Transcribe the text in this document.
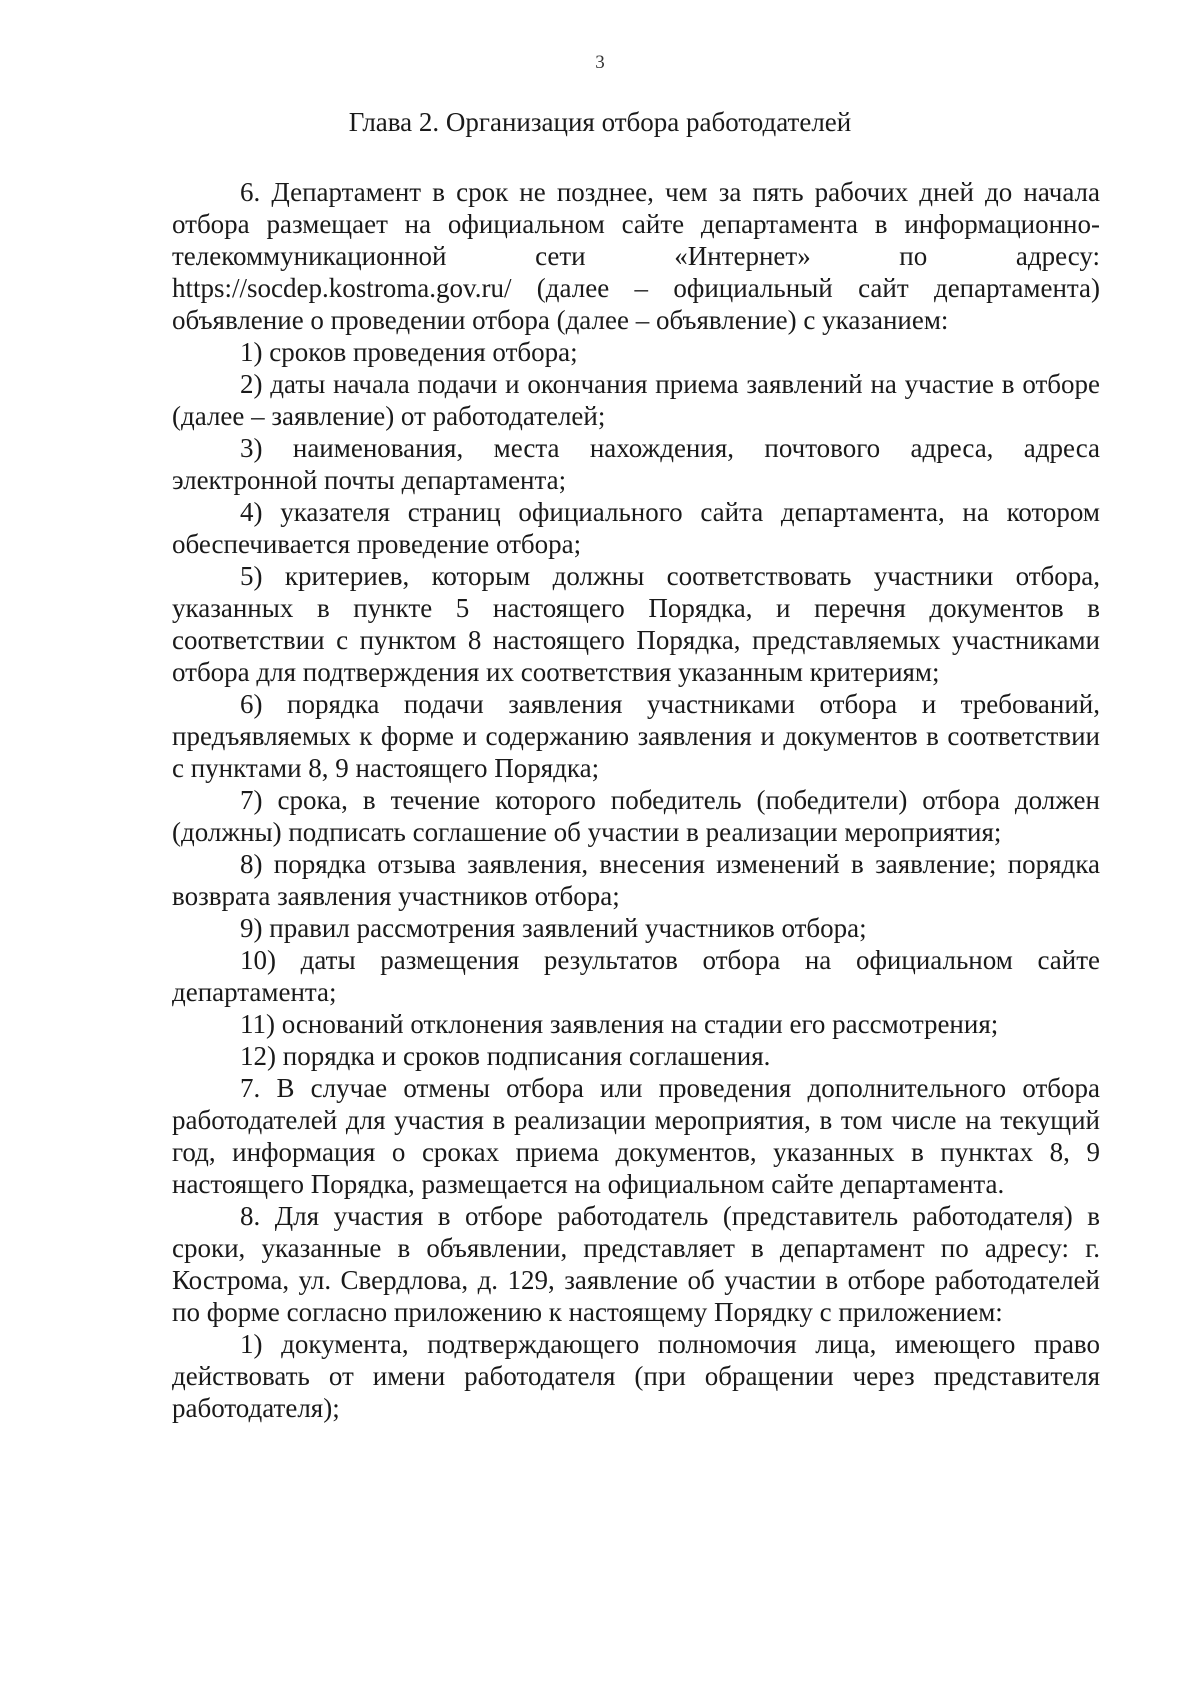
3
Глава 2. Организация отбора работодателей

6. Департамент в срок не позднее, чем за пять рабочих дней до начала отбора размещает на официальном сайте департамента в информационно-телекоммуникационной сети «Интернет» по адресу: https://socdep.kostroma.gov.ru/ (далее – официальный сайт департамента) объявление о проведении отбора (далее – объявление) с указанием:

1) сроков проведения отбора;

2) даты начала подачи и окончания приема заявлений на участие в отборе (далее – заявление) от работодателей;

3) наименования, места нахождения, почтового адреса, адреса электронной почты департамента;

4) указателя страниц официального сайта департамента, на котором обеспечивается проведение отбора;

5) критериев, которым должны соответствовать участники отбора, указанных в пункте 5 настоящего Порядка, и перечня документов в соответствии с пунктом 8 настоящего Порядка, представляемых участниками отбора для подтверждения их соответствия указанным критериям;

6) порядка подачи заявления участниками отбора и требований, предъявляемых к форме и содержанию заявления и документов в соответствии с пунктами 8, 9 настоящего Порядка;

7) срока, в течение которого победитель (победители) отбора должен (должны) подписать соглашение об участии в реализации мероприятия;

8) порядка отзыва заявления, внесения изменений в заявление; порядка возврата заявления участников отбора;

9) правил рассмотрения заявлений участников отбора;

10) даты размещения результатов отбора на официальном сайте департамента;

11) оснований отклонения заявления на стадии его рассмотрения;

12) порядка и сроков подписания соглашения.

7. В случае отмены отбора или проведения дополнительного отбора работодателей для участия в реализации мероприятия, в том числе на текущий год, информация о сроках приема документов, указанных в пунктах 8, 9 настоящего Порядка, размещается на официальном сайте департамента.

8. Для участия в отборе работодатель (представитель работодателя) в сроки, указанные в объявлении, представляет в департамент по адресу: г. Кострома, ул. Свердлова, д. 129, заявление об участии в отборе работодателей по форме согласно приложению к настоящему Порядку с приложением:

1) документа, подтверждающего полномочия лица, имеющего право действовать от имени работодателя (при обращении через представителя работодателя);
